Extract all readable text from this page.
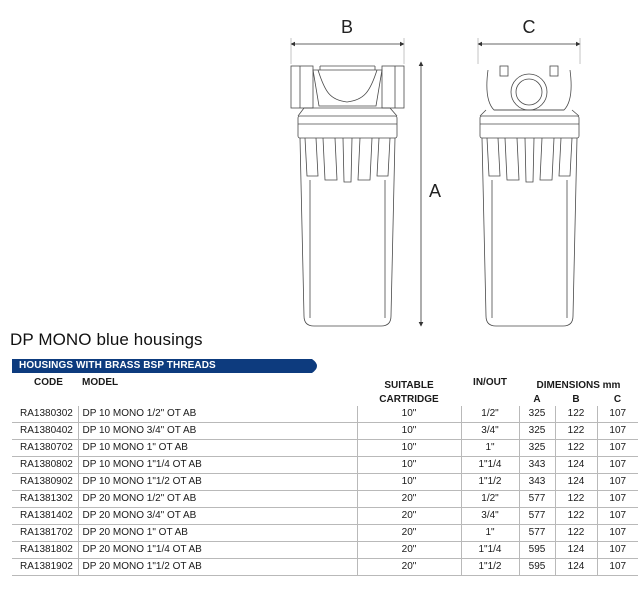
B	C
A
DP MONO blue housings
HOUSINGS WITH BRASS BSP THREADS
CODE	MODEL	SUITABLE	IN/OUT	DIMENSIONS mm		
		CARTRIDGE		A	B	C
RA1380302	DP 10 MONO 1/2" OT AB	10"	1/2"	325	122	107
RA1380402	DP 10 MONO 3/4" OT AB	10"	3/4"	325	122	107
RA1380702	DP 10 MONO 1" OT AB	10"	1"	325	122	107
RA1380802	DP 10 MONO 1"1/4 OT AB	10"	1"1/4	343	124	107
RA1380902	DP 10 MONO 1"1/2 OT AB	10"	1"1/2	343	124	107
RA1381302	DP 20 MONO 1/2" OT AB	20"	1/2"	577	122	107
RA1381402	DP 20 MONO 3/4" OT AB	20"	3/4"	577	122	107
RA1381702	DP 20 MONO 1" OT AB	20"	1"	577	122	107
RA1381802	DP 20 MONO 1"1/4 OT AB	20"	1"1/4	595	124	107
RA1381902	DP 20 MONO 1"1/2 OT AB	20"	1"1/2	595	124	107
